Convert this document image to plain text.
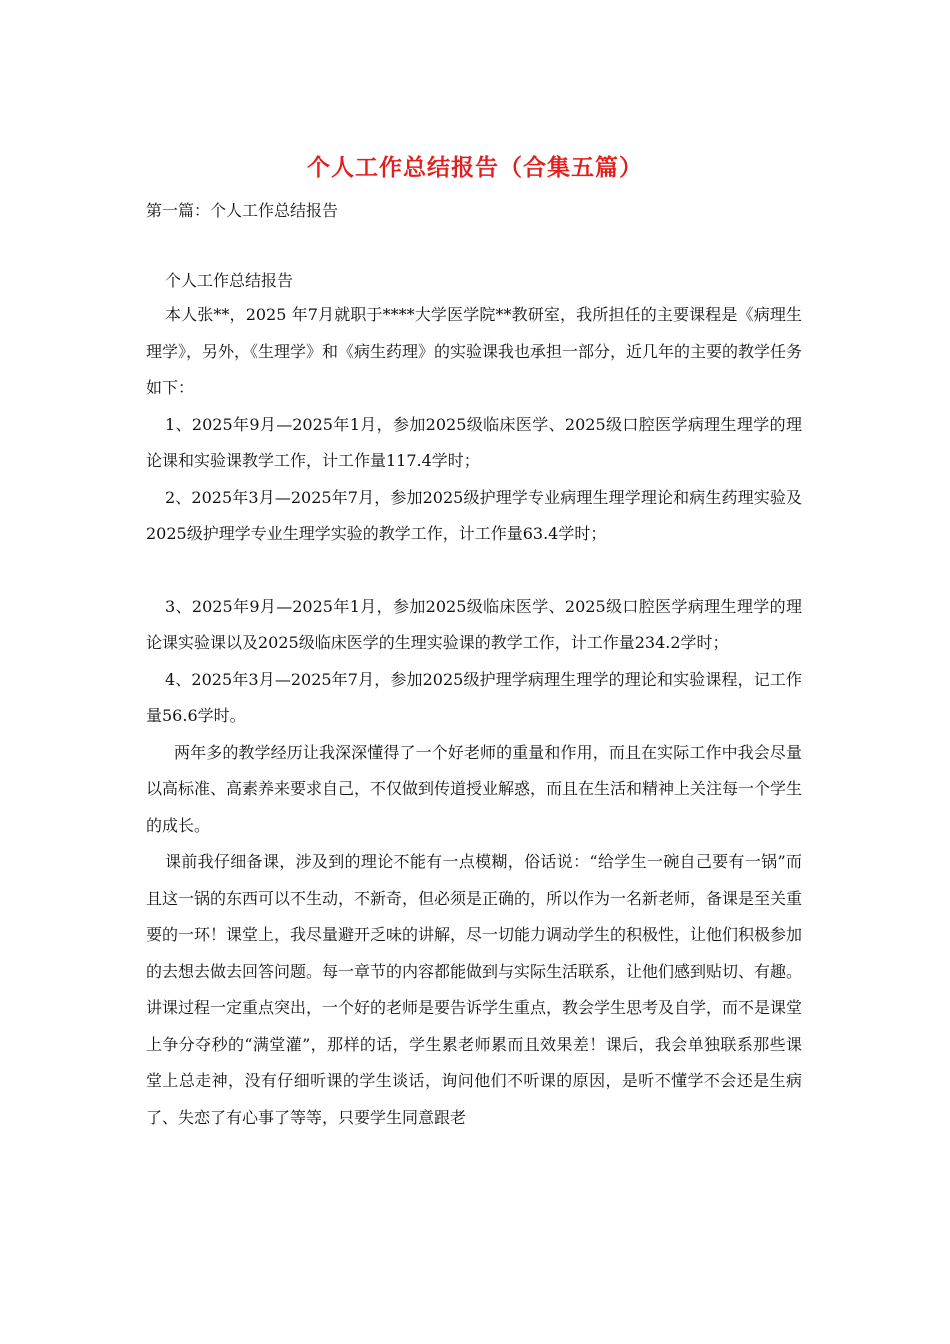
个人工作总结报告（合集五篇）
第一篇：个人工作总结报告
个人工作总结报告

本人张**，2025 年7月就职于****大学医学院**教研室，我所担任的主要课程是《病理生理学》，另外，《生理学》和《病生药理》的实验课我也承担一部分，近几年的主要的教学任务如下：

1、2025年9月—2025年1月，参加2025级临床医学、2025级口腔医学病理生理学的理论课和实验课教学工作，计工作量117.4学时；

2、2025年3月—2025年7月，参加2025级护理学专业病理生理学理论和病生药理实验及2025级护理学专业生理学实验的教学工作，计工作量63.4学时；

3、2025年9月—2025年1月，参加2025级临床医学、2025级口腔医学病理生理学的理论课实验课以及2025级临床医学的生理实验课的教学工作，计工作量234.2学时；

4、2025年3月—2025年7月，参加2025级护理学病理生理学的理论和实验课程，记工作量56.6学时。

两年多的教学经历让我深深懂得了一个好老师的重量和作用，而且在实际工作中我会尽量以高标准、高素养来要求自己，不仅做到传道授业解惑，而且在生活和精神上关注每一个学生的成长。

课前我仔细备课，涉及到的理论不能有一点模糊，俗话说：“给学生一碗自己要有一锅”而且这一锅的东西可以不生动，不新奇，但必须是正确的，所以作为一名新老师，备课是至关重要的一环！课堂上，我尽量避开乏味的讲解，尽一切能力调动学生的积极性，让他们积极参加的去想去做去回答问题。每一章节的内容都能做到与实际生活联系，让他们感到贴切、有趣。讲课过程一定重点突出，一个好的老师是要告诉学生重点，教会学生思考及自学，而不是课堂上争分夺秒的“满堂灌”，那样的话，学生累老师累而且效果差！课后，我会单独联系那些课堂上总走神，没有仔细听课的学生谈话，询问他们不听课的原因，是听不懂学不会还是生病了、失恋了有心事了等等，只要学生同意跟老
